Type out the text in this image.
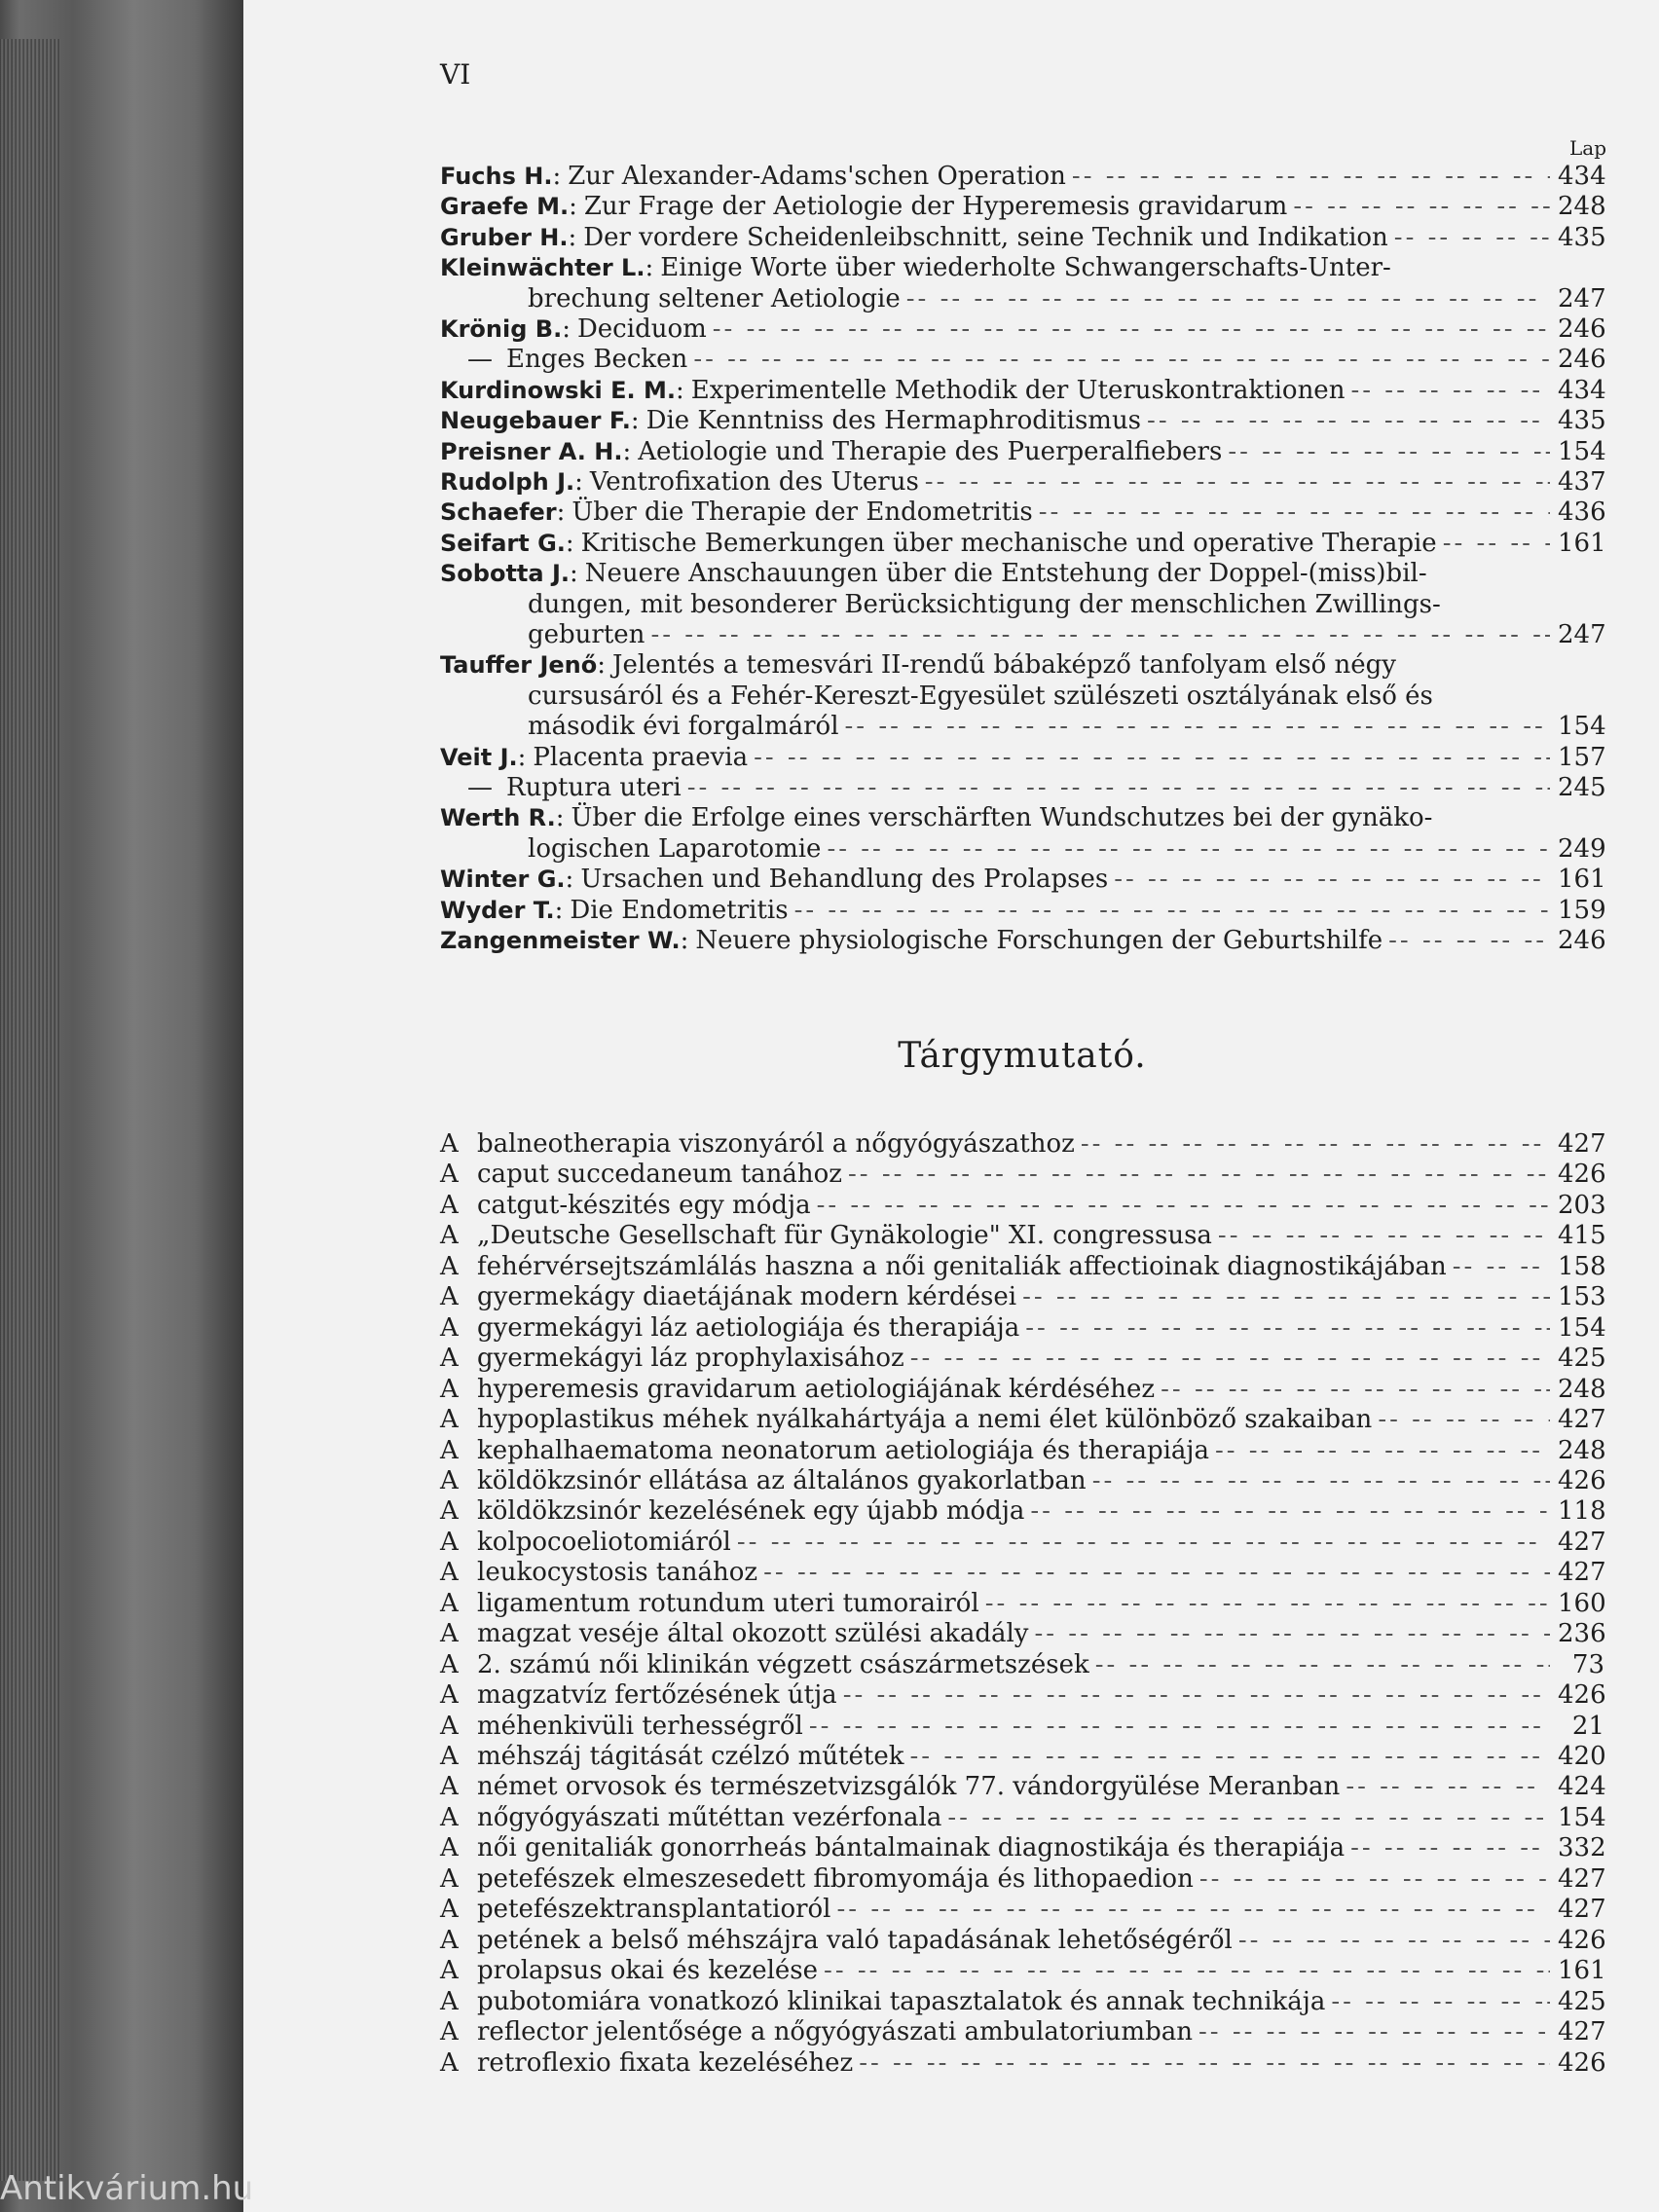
VI
Lap
Fuchs H. : Zur Alexander-Adams'schen Operation -- --	434
Graefe M. : Zur Frage der Aetiologie der Hyperemesis gravidarum -- --	248
Gruber H. : Der vordere Scheidenleibschnitt, seine Technik und Indikation -- --	435
Kleinwächter L. : Einige Worte über wiederholte Schwangerschafts-Unter-
brechung seltener Aetiologie -- --	247
Krönig B. : Deciduom -- --	246
— Enges Becken -- --	246
Kurdinowski E. M. : Experimentelle Methodik der Uteruskontraktionen -- --	434
Neugebauer F. : Die Kenntniss des Hermaphroditismus -- --	435
Preisner A. H. : Aetiologie und Therapie des Puerperalfiebers -- --	154
Rudolph J. : Ventrofixation des Uterus -- --	437
Schaefer : Über die Therapie der Endometritis -- --	436
Seifart G. : Kritische Bemerkungen über mechanische und operative Therapie -- --	161
Sobotta J. : Neuere Anschauungen über die Entstehung der Doppel-(miss)bil-
dungen, mit besonderer Berücksichtigung der menschlichen Zwillings-
geburten -- --	247
Tauffer Jenő : Jelentés a temesvári II-rendű bábaképző tanfolyam első négy
cursusáról és a Fehér-Kereszt-Egyesület szülészeti osztályának első és
második évi forgalmáról -- --	154
Veit J. : Placenta praevia -- --	157
— Ruptura uteri -- --	245
Werth R. : Über die Erfolge eines verschärften Wundschutzes bei der gynäko-
logischen Laparotomie -- --	249
Winter G. : Ursachen und Behandlung des Prolapses -- --	161
Wyder T. : Die Endometritis -- --	159
Zangenmeister W. : Neuere physiologische Forschungen der Geburtshilfe -- --	246
Tárgymutató.
A balneotherapia viszonyáról a nőgyógyászathoz -- --	427
A caput succedaneum tanához -- --	426
A catgut-készités egy módja -- --	203
A „Deutsche Gesellschaft für Gynäkologie" XI. congressusa -- --	415
A fehérvérsejtszámlálás haszna a női genitaliák affectioinak diagnostikájában -- --	158
A gyermekágy diaetájának modern kérdései -- --	153
A gyermekágyi láz aetiologiája és therapiája -- --	154
A gyermekágyi láz prophylaxisához -- --	425
A hyperemesis gravidarum aetiologiájának kérdéséhez -- --	248
A hypoplastikus méhek nyálkahártyája a nemi élet különböző szakaiban -- --	427
A kephalhaematoma neonatorum aetiologiája és therapiája -- --	248
A köldökzsinór ellátása az általános gyakorlatban -- --	426
A köldökzsinór kezelésének egy újabb módja -- --	118
A kolpocoeliotomiáról -- --	427
A leukocystosis tanához -- --	427
A ligamentum rotundum uteri tumorairól -- --	160
A magzat veséje által okozott szülési akadály -- --	236
A 2. számú női klinikán végzett császármetszések -- --	73
A magzatvíz fertőzésének útja -- --	426
A méhenkivüli terhességről -- --	21
A méhszáj tágitását czélzó műtétek -- --	420
A német orvosok és természetvizsgálók 77. vándorgyülése Meranban -- --	424
A nőgyógyászati műtéttan vezérfonala -- --	154
A női genitaliák gonorrheás bántalmainak diagnostikája és therapiája -- --	332
A petefészek elmeszesedett fibromyomája és lithopaedion -- --	427
A petefészektransplantatioról -- --	427
A petének a belső méhszájra való tapadásának lehetőségéről -- --	426
A prolapsus okai és kezelése -- --	161
A pubotomiára vonatkozó klinikai tapasztalatok és annak technikája -- --	425
A reflector jelentősége a nőgyógyászati ambulatoriumban -- --	427
A retroflexio fixata kezeléséhez -- --	426
Antikvárium.hu
